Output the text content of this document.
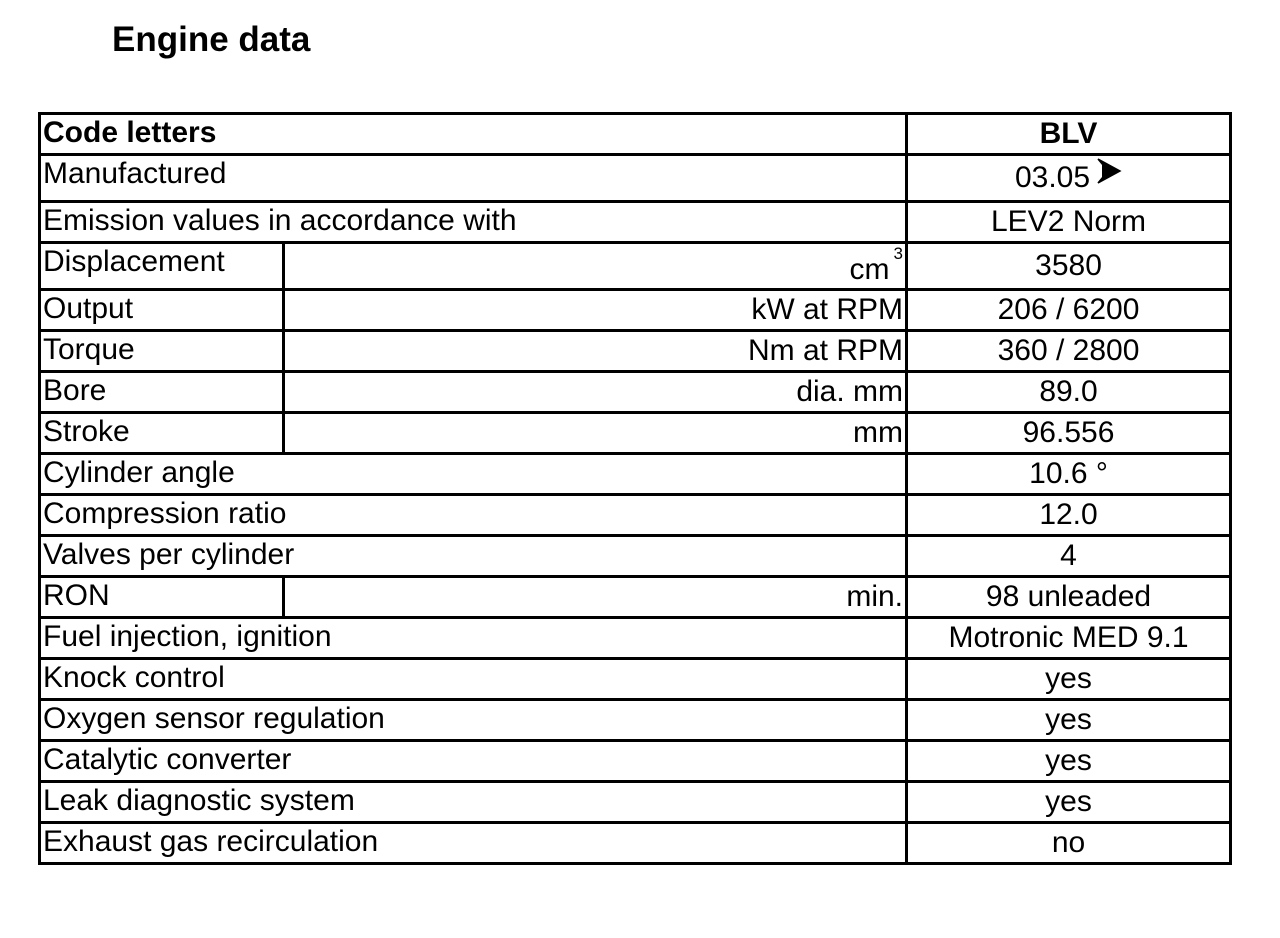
Engine data
Code letters		BLV
Manufactured		03.05
Emission values in accordance with		LEV2 Norm
Displacement	cm $^3$	3580
Output	kW at RPM	206 / 6200
Torque	Nm at RPM	360 / 2800
Bore	dia. mm	89.0
Stroke	mm	96.556
Cylinder angle		10.6 °
Compression ratio		12.0
Valves per cylinder		4
RON	min.	98 unleaded
Fuel injection, ignition		Motronic MED 9.1
Knock control		yes
Oxygen sensor regulation		yes
Catalytic converter		yes
Leak diagnostic system		yes
Exhaust gas recirculation		no
